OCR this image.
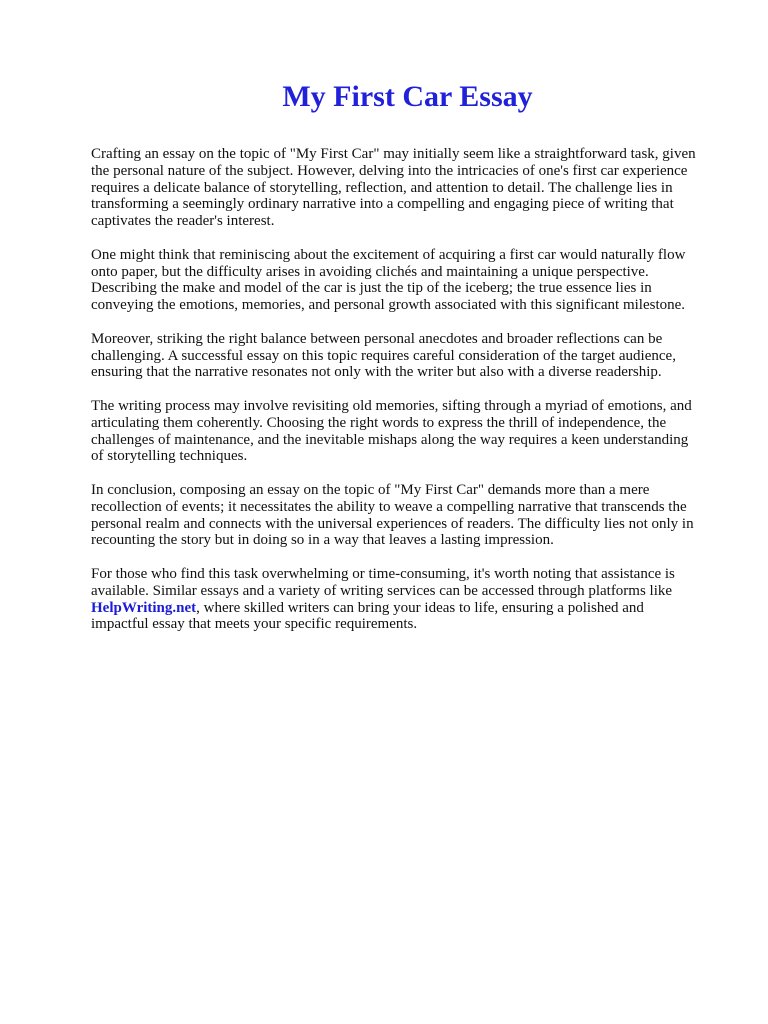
My First Car Essay

Crafting an essay on the topic of "My First Car" may initially seem like a straightforward task, given
the personal nature of the subject. However, delving into the intricacies of one's first car experience
requires a delicate balance of storytelling, reflection, and attention to detail. The challenge lies in
transforming a seemingly ordinary narrative into a compelling and engaging piece of writing that
captivates the reader's interest.

One might think that reminiscing about the excitement of acquiring a first car would naturally flow
onto paper, but the difficulty arises in avoiding clichés and maintaining a unique perspective.
Describing the make and model of the car is just the tip of the iceberg; the true essence lies in
conveying the emotions, memories, and personal growth associated with this significant milestone.

Moreover, striking the right balance between personal anecdotes and broader reflections can be
challenging. A successful essay on this topic requires careful consideration of the target audience,
ensuring that the narrative resonates not only with the writer but also with a diverse readership.

The writing process may involve revisiting old memories, sifting through a myriad of emotions, and
articulating them coherently. Choosing the right words to express the thrill of independence, the
challenges of maintenance, and the inevitable mishaps along the way requires a keen understanding
of storytelling techniques.

In conclusion, composing an essay on the topic of "My First Car" demands more than a mere
recollection of events; it necessitates the ability to weave a compelling narrative that transcends the
personal realm and connects with the universal experiences of readers. The difficulty lies not only in
recounting the story but in doing so in a way that leaves a lasting impression.

For those who find this task overwhelming or time-consuming, it's worth noting that assistance is
available. Similar essays and a variety of writing services can be accessed through platforms like
HelpWriting.net, where skilled writers can bring your ideas to life, ensuring a polished and
impactful essay that meets your specific requirements.
